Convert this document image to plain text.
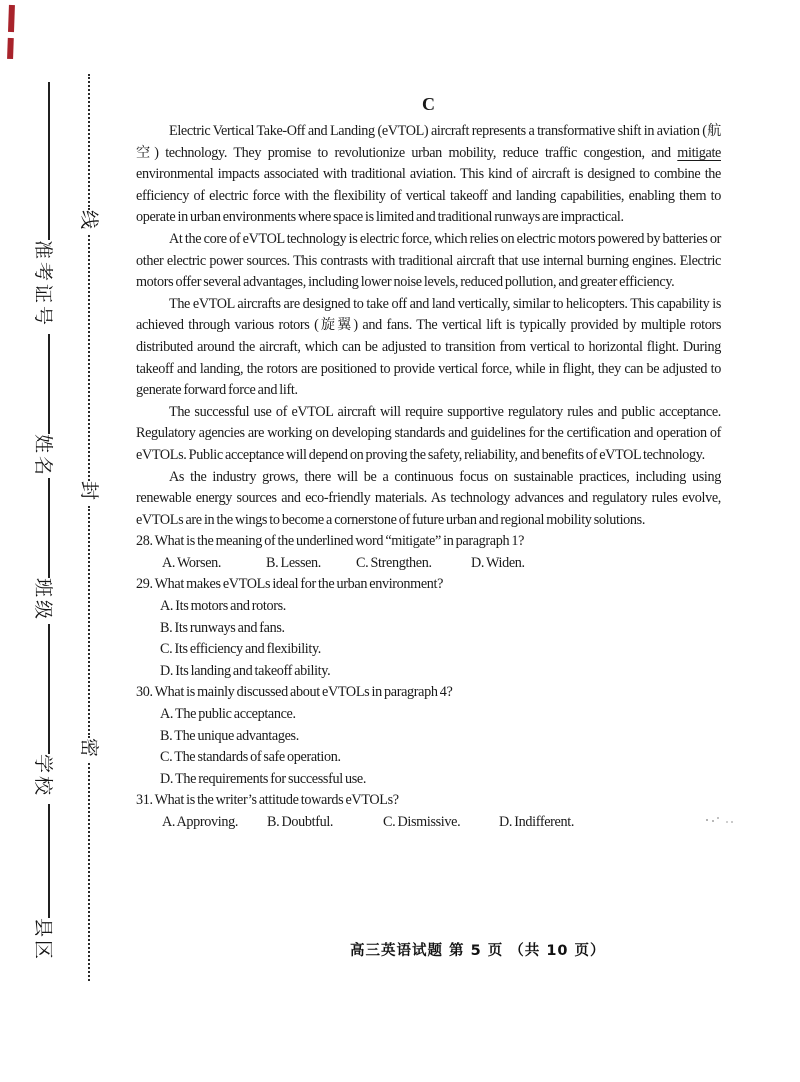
准考证号
姓名
班级
学校
县区
线
封
密
C

Electric Vertical Take-Off and Landing (eVTOL) aircraft represents a transformative shift in aviation (航空) technology. They promise to revolutionize urban mobility, reduce traffic congestion, and mitigate environmental impacts associated with traditional aviation. This kind of aircraft is designed to combine the efficiency of electric force with the flexibility of vertical takeoff and landing capabilities, enabling them to operate in urban environments where space is limited and traditional runways are impractical.

At the core of eVTOL technology is electric force, which relies on electric motors powered by batteries or other electric power sources. This contrasts with traditional aircraft that use internal burning engines. Electric motors offer several advantages, including lower noise levels, reduced pollution, and greater efficiency.

The eVTOL aircrafts are designed to take off and land vertically, similar to helicopters. This capability is achieved through various rotors (旋翼) and fans. The vertical lift is typically provided by multiple rotors distributed around the aircraft, which can be adjusted to transition from vertical to horizontal flight. During takeoff and landing, the rotors are positioned to provide vertical force, while in flight, they can be adjusted to generate forward force and lift.

The successful use of eVTOL aircraft will require supportive regulatory rules and public acceptance. Regulatory agencies are working on developing standards and guidelines for the certification and operation of eVTOLs. Public acceptance will depend on proving the safety, reliability, and benefits of eVTOL technology.

As the industry grows, there will be a continuous focus on sustainable practices, including using renewable energy sources and eco-friendly materials. As technology advances and regulatory rules evolve, eVTOLs are in the wings to become a cornerstone of future urban and regional mobility solutions.

28. What is the meaning of the underlined word “mitigate” in paragraph 1?

A. Worsen.	B. Lessen. C. Strengthen.	D. Widen.

29. What makes eVTOLs ideal for the urban environment?

A. Its motors and rotors.
B. Its runways and fans.
C. Its efficiency and flexibility.
D. Its landing and takeoff ability.

30. What is mainly discussed about eVTOLs in paragraph 4?

A. The public acceptance.
B. The unique advantages.
C. The standards of safe operation.
D. The requirements for successful use.

31. What is the writer’s attitude towards eVTOLs?

A. Approving. B. Doubtful.	C. Dismissive.	D. Indifferent.
高三英语试题 第 5 页 （共 10 页）
